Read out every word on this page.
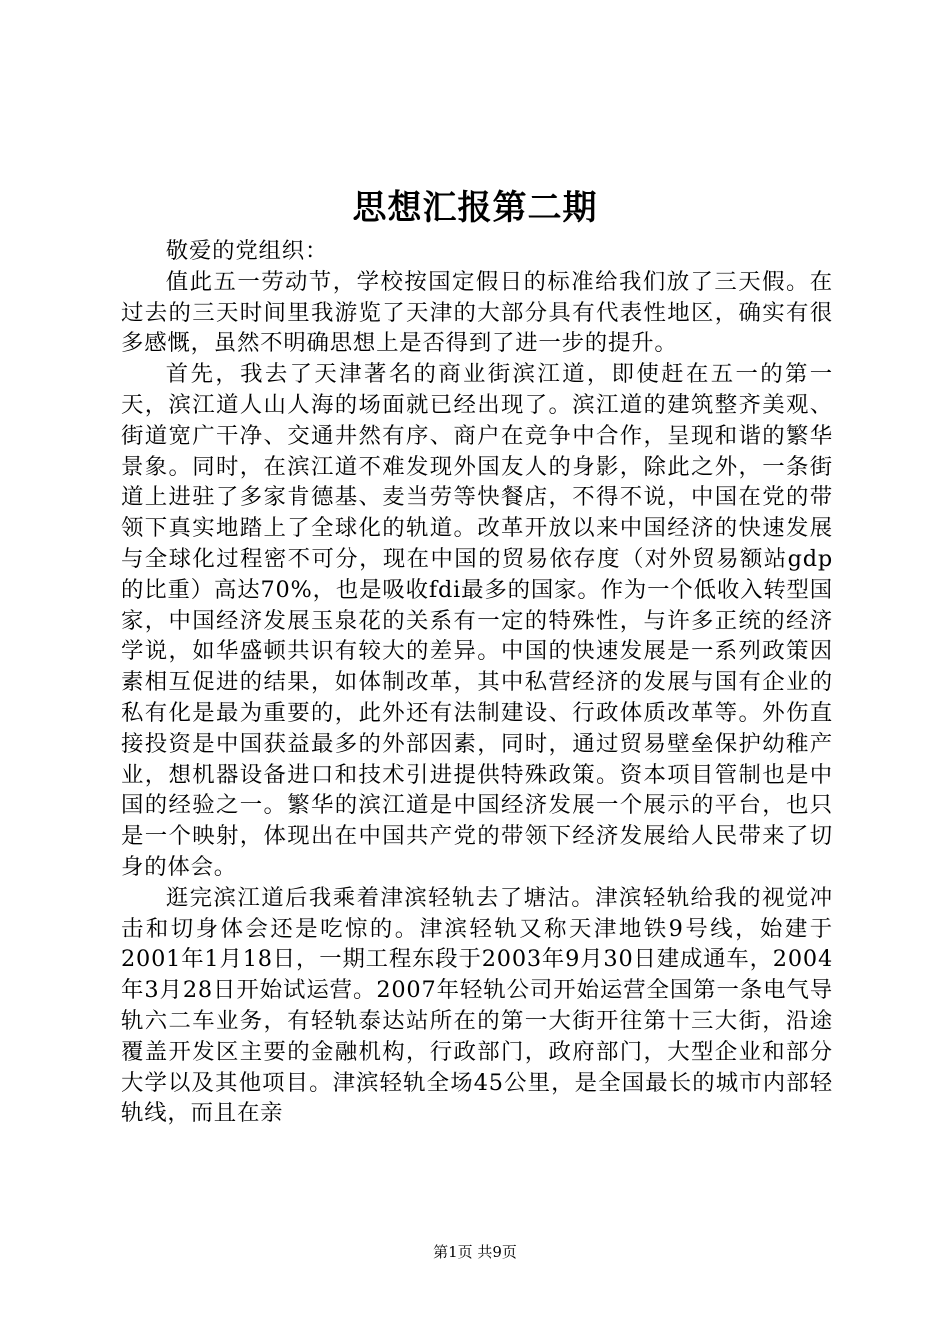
思想汇报第二期

敬爱的党组织：

值此五一劳动节，学校按国定假日的标准给我们放了三天假。在过去的三天时间里我游览了天津的大部分具有代表性地区，确实有很多感慨，虽然不明确思想上是否得到了进一步的提升。

首先，我去了天津著名的商业街滨江道，即使赶在五一的第一天，滨江道人山人海的场面就已经出现了。滨江道的建筑整齐美观、街道宽广干净、交通井然有序、商户在竞争中合作，呈现和谐的繁华景象。同时，在滨江道不难发现外国友人的身影，除此之外，一条街道上进驻了多家肯德基、麦当劳等快餐店，不得不说，中国在党的带领下真实地踏上了全球化的轨道。改革开放以来中国经济的快速发展与全球化过程密不可分，现在中国的贸易依存度（对外贸易额站gdp的比重）高达70%，也是吸收fdi最多的国家。作为一个低收入转型国家，中国经济发展玉泉花的关系有一定的特殊性，与许多正统的经济学说，如华盛顿共识有较大的差异。中国的快速发展是一系列政策因素相互促进的结果，如体制改革，其中私营经济的发展与国有企业的私有化是最为重要的，此外还有法制建设、行政体质改革等。外伤直接投资是中国获益最多的外部因素，同时，通过贸易壁垒保护幼稚产业，想机器设备进口和技术引进提供特殊政策。资本项目管制也是中国的经验之一。繁华的滨江道是中国经济发展一个展示的平台，也只是一个映射，体现出在中国共产党的带领下经济发展给人民带来了切身的体会。

逛完滨江道后我乘着津滨轻轨去了塘沽。津滨轻轨给我的视觉冲击和切身体会还是吃惊的。津滨轻轨又称天津地铁9号线，始建于2001年1月18日，一期工程东段于2003年9月30日建成通车，2004年3月28日开始试运营。2007年轻轨公司开始运营全国第一条电气导轨六二车业务，有轻轨泰达站所在的第一大街开往第十三大街，沿途覆盖开发区主要的金融机构，行政部门，政府部门，大型企业和部分大学以及其他项目。津滨轻轨全场45公里，是全国最长的城市内部轻轨线，而且在亲

第1页 共9页
